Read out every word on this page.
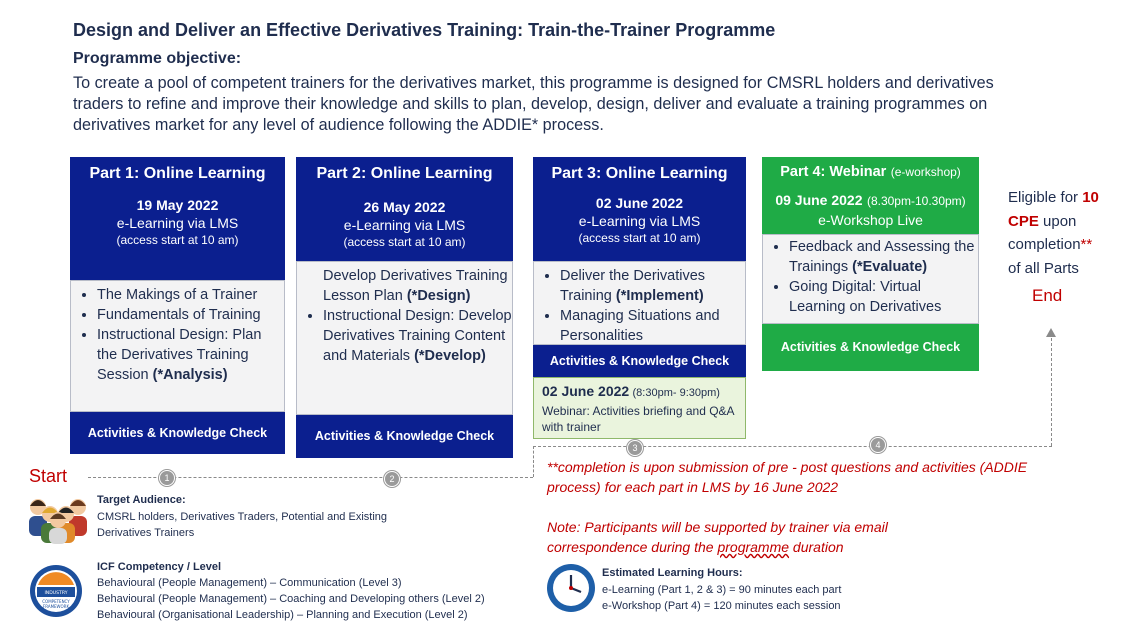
Design and Deliver an Effective Derivatives Training: Train-the-Trainer Programme
Programme objective:
To create a pool of competent trainers for the derivatives market, this programme is designed for CMSRL holders and derivatives traders to refine and improve their knowledge and skills to plan, develop, design, deliver and evaluate a training programmes on derivatives market for any level of audience following the ADDIE* process.
Part 1: Online Learning
19 May 2022
e-Learning via LMS
(access start at 10 am)
• The Makings of a Trainer
• Fundamentals of Training
• Instructional Design: Plan the Derivatives Training Session (*Analysis)
Activities & Knowledge Check
Part 2: Online Learning
26 May 2022
e-Learning via LMS
(access start at 10 am)
Develop Derivatives Training Lesson Plan (*Design)
• Instructional Design: Develop Derivatives Training Content and Materials (*Develop)
Activities & Knowledge Check
Part 3: Online Learning
02 June 2022
e-Learning via LMS
(access start at 10 am)
• Deliver the Derivatives Training (*Implement)
• Managing Situations and Personalities
Activities & Knowledge Check
02 June 2022 (8:30pm- 9:30pm)
Webinar: Activities briefing and Q&A with trainer
Part 4: Webinar (e-workshop)
09 June 2022 (8.30pm-10.30pm)
e-Workshop Live
• Feedback and Assessing the Trainings (*Evaluate)
• Going Digital: Virtual Learning on Derivatives
Activities & Knowledge Check
Eligible for 10
CPE upon completion**
of all Parts
End
1	2
3	4
Start
Target Audience:
CMSRL holders, Derivatives Traders, Potential and Existing Derivatives Trainers
INDUSTRY
COMPETENCY
FRAMEWORK
ICF Competency / Level
Behavioural (People Management) – Communication (Level 3)
Behavioural (People Management) – Coaching and Developing others (Level 2)
Behavioural (Organisational Leadership) – Planning and Execution (Level 2)
**completion is upon submission of pre - post questions and activities (ADDIE process) for each part in LMS by 16 June 2022
Note: Participants will be supported by trainer via email correspondence during the programme duration
Estimated Learning Hours:
e-Learning (Part 1, 2 & 3) = 90 minutes each part
e-Workshop (Part 4) = 120 minutes each session
